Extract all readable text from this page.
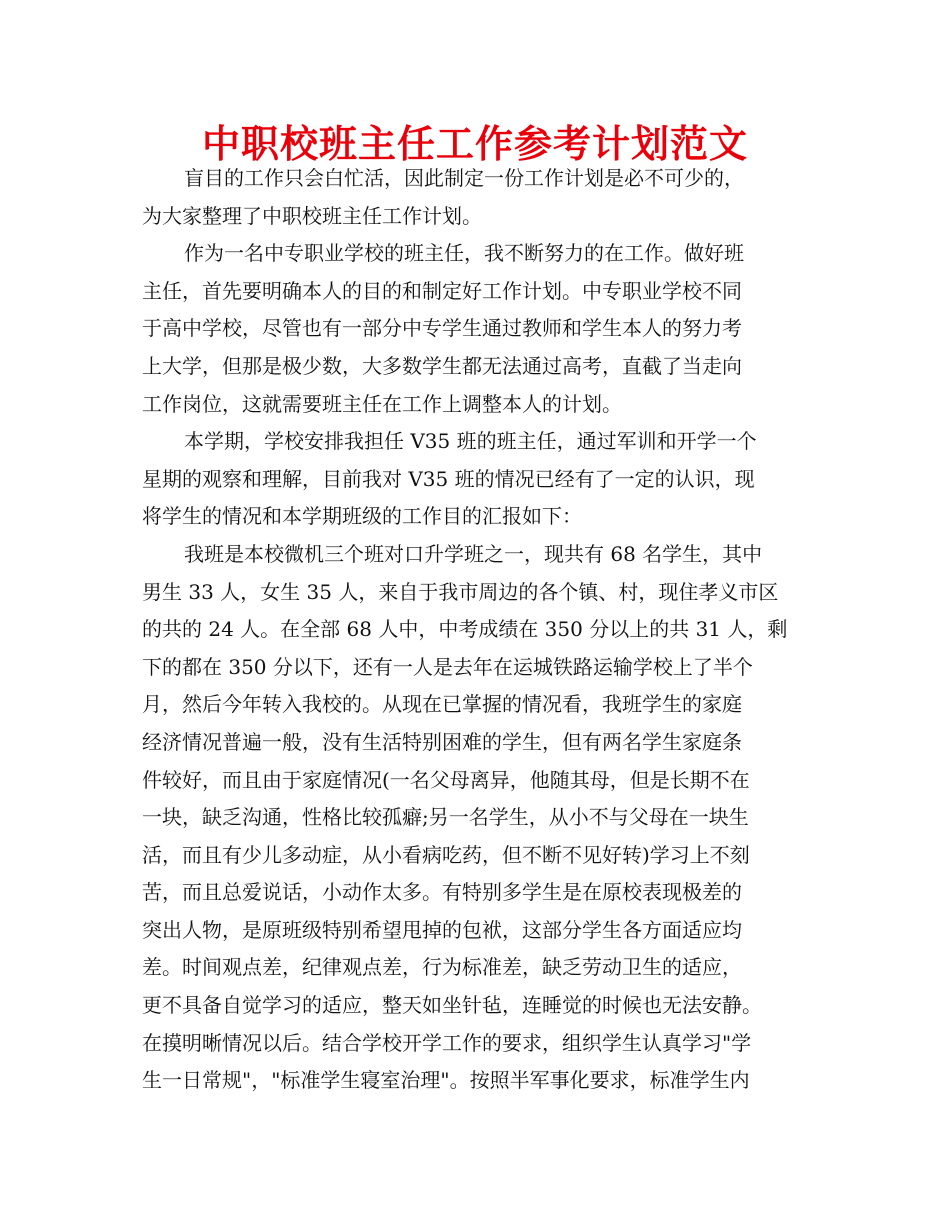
中职校班主任工作参考计划范文
盲目的工作只会白忙活，因此制定一份工作计划是必不可少的，
为大家整理了中职校班主任工作计划。
作为一名中专职业学校的班主任，我不断努力的在工作。做好班
主任，首先要明确本人的目的和制定好工作计划。中专职业学校不同
于高中学校，尽管也有一部分中专学生通过教师和学生本人的努力考
上大学，但那是极少数，大多数学生都无法通过高考，直截了当走向
工作岗位，这就需要班主任在工作上调整本人的计划。
本学期，学校安排我担任 V35 班的班主任，通过军训和开学一个
星期的观察和理解，目前我对 V35 班的情况已经有了一定的认识，现
将学生的情况和本学期班级的工作目的汇报如下：
我班是本校微机三个班对口升学班之一，现共有 68 名学生，其中
男生 33 人，女生 35 人，来自于我市周边的各个镇、村，现住孝义市区
的共的 24 人。在全部 68 人中，中考成绩在 350 分以上的共 31 人，剩
下的都在 350 分以下，还有一人是去年在运城铁路运输学校上了半个
月，然后今年转入我校的。从现在已掌握的情况看，我班学生的家庭
经济情况普遍一般，没有生活特别困难的学生，但有两名学生家庭条
件较好，而且由于家庭情况(一名父母离异，他随其母，但是长期不在
一块，缺乏沟通，性格比较孤癖;另一名学生，从小不与父母在一块生
活，而且有少儿多动症，从小看病吃药，但不断不见好转)学习上不刻
苦，而且总爱说话，小动作太多。有特别多学生是在原校表现极差的
突出人物，是原班级特别希望甩掉的包袱，这部分学生各方面适应均
差。时间观点差，纪律观点差，行为标准差，缺乏劳动卫生的适应，
更不具备自觉学习的适应，整天如坐针毡，连睡觉的时候也无法安静。
在摸明晰情况以后。结合学校开学工作的要求，组织学生认真学习"学
生一日常规"，"标准学生寝室治理"。按照半军事化要求，标准学生内
